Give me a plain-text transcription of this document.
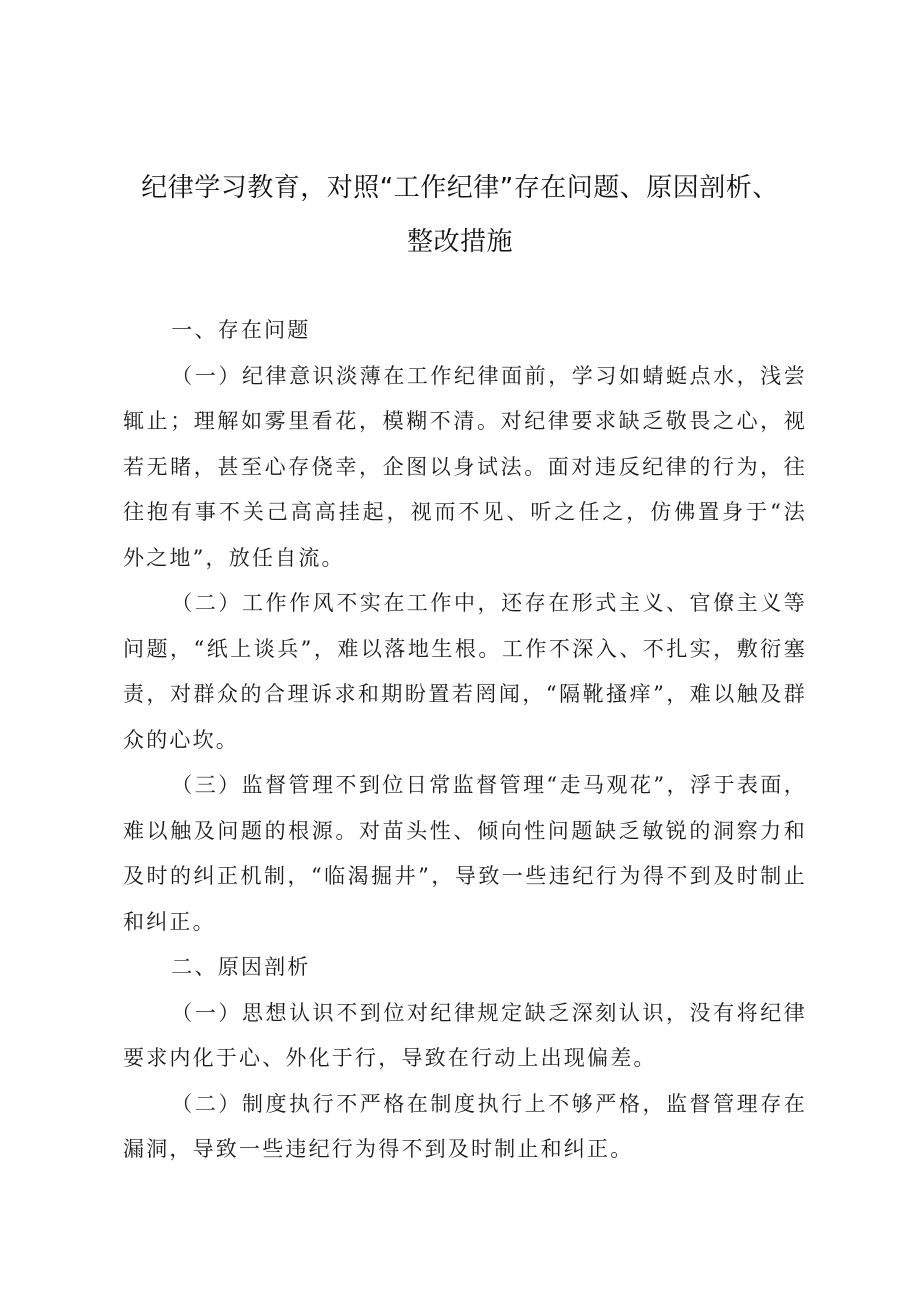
纪律学习教育，对照“工作纪律”存在问题、原因剖析、
整改措施

一、存在问题

（一）纪律意识淡薄在工作纪律面前，学习如蜻蜓点水，浅尝辄止；理解如雾里看花，模糊不清。对纪律要求缺乏敬畏之心，视若无睹，甚至心存侥幸，企图以身试法。面对违反纪律的行为，往往抱有事不关己高高挂起，视而不见、听之任之，仿佛置身于“法外之地”，放任自流。

（二）工作作风不实在工作中，还存在形式主义、官僚主义等问题，“纸上谈兵”，难以落地生根。工作不深入、不扎实，敷衍塞责，对群众的合理诉求和期盼置若罔闻，“隔靴搔痒”，难以触及群众的心坎。

（三）监督管理不到位日常监督管理“走马观花”，浮于表面，难以触及问题的根源。对苗头性、倾向性问题缺乏敏锐的洞察力和及时的纠正机制，“临渴掘井”，导致一些违纪行为得不到及时制止和纠正。

二、原因剖析

（一）思想认识不到位对纪律规定缺乏深刻认识，没有将纪律要求内化于心、外化于行，导致在行动上出现偏差。

（二）制度执行不严格在制度执行上不够严格，监督管理存在漏洞，导致一些违纪行为得不到及时制止和纠正。
